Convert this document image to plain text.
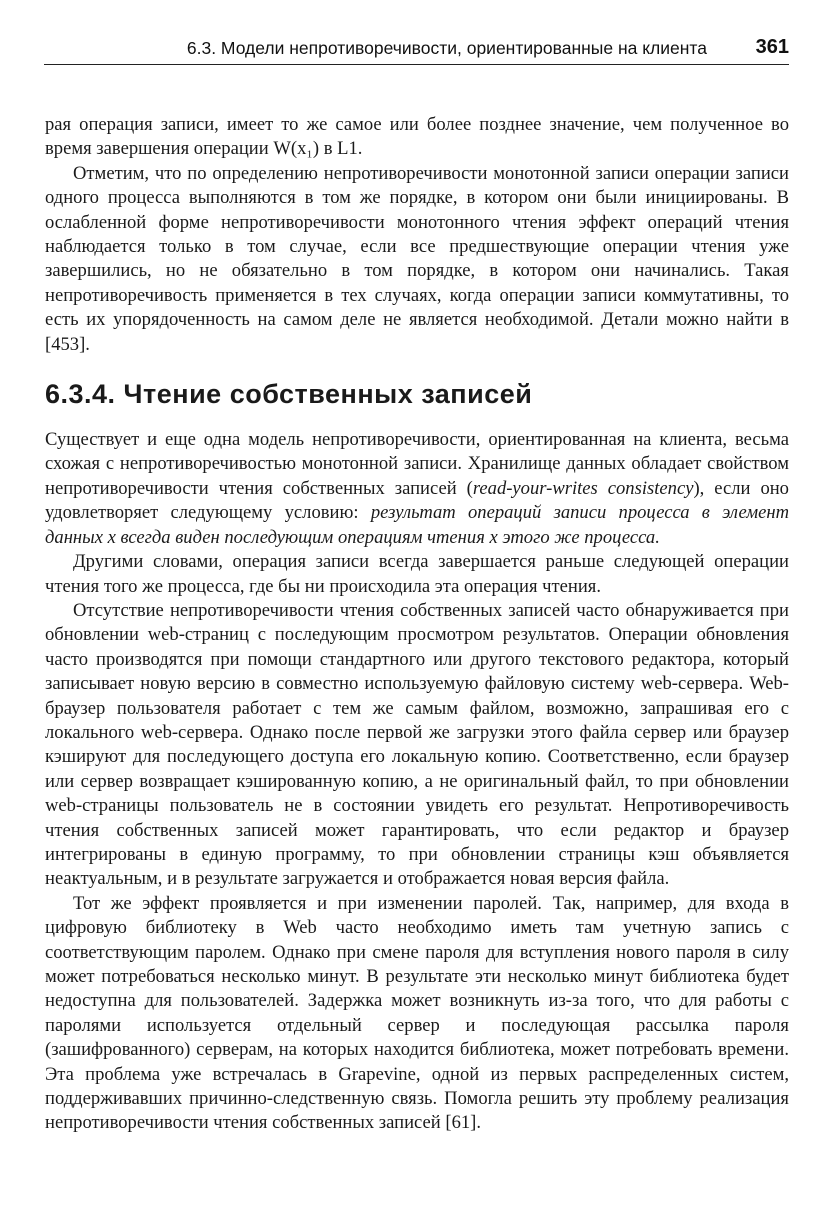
6.3. Модели непротиворечивости, ориентированные на клиента 361

рая операция записи, имеет то же самое или более позднее значение, чем полученное во время завершения операции W(x₁) в L1.

Отметим, что по определению непротиворечивости монотонной записи операции записи одного процесса выполняются в том же порядке, в котором они были инициированы. В ослабленной форме непротиворечивости монотонного чтения эффект операций чтения наблюдается только в том случае, если все предшествующие операции чтения уже завершились, но не обязательно в том порядке, в котором они начинались. Такая непротиворечивость применяется в тех случаях, когда операции записи коммутативны, то есть их упорядоченность на самом деле не является необходимой. Детали можно найти в [453].

6.3.4. Чтение собственных записей

Существует и еще одна модель непротиворечивости, ориентированная на клиента, весьма схожая с непротиворечивостью монотонной записи. Хранилище данных обладает свойством непротиворечивости чтения собственных записей (read-your-writes consistency), если оно удовлетворяет следующему условию: результат операций записи процесса в элемент данных x всегда виден последующим операциям чтения x этого же процесса.

Другими словами, операция записи всегда завершается раньше следующей операции чтения того же процесса, где бы ни происходила эта операция чтения.

Отсутствие непротиворечивости чтения собственных записей часто обнаруживается при обновлении web-страниц с последующим просмотром результатов. Операции обновления часто производятся при помощи стандартного или другого текстового редактора, который записывает новую версию в совместно используемую файловую систему web-сервера. Web-браузер пользователя работает с тем же самым файлом, возможно, запрашивая его с локального web-сервера. Однако после первой же загрузки этого файла сервер или браузер кэшируют для последующего доступа его локальную копию. Соответственно, если браузер или сервер возвращает кэшированную копию, а не оригинальный файл, то при обновлении web-страницы пользователь не в состоянии увидеть его результат. Непротиворечивость чтения собственных записей может гарантировать, что если редактор и браузер интегрированы в единую программу, то при обновлении страницы кэш объявляется неактуальным, и в результате загружается и отображается новая версия файла.

Тот же эффект проявляется и при изменении паролей. Так, например, для входа в цифровую библиотеку в Web часто необходимо иметь там учетную запись с соответствующим паролем. Однако при смене пароля для вступления нового пароля в силу может потребоваться несколько минут. В результате эти несколько минут библиотека будет недоступна для пользователей. Задержка может возникнуть из-за того, что для работы с паролями используется отдельный сервер и последующая рассылка пароля (зашифрованного) серверам, на которых находится библиотека, может потребовать времени. Эта проблема уже встречалась в Grapevine, одной из первых распределенных систем, поддерживавших причинно-следственную связь. Помогла решить эту проблему реализация непротиворечивости чтения собственных записей [61].
